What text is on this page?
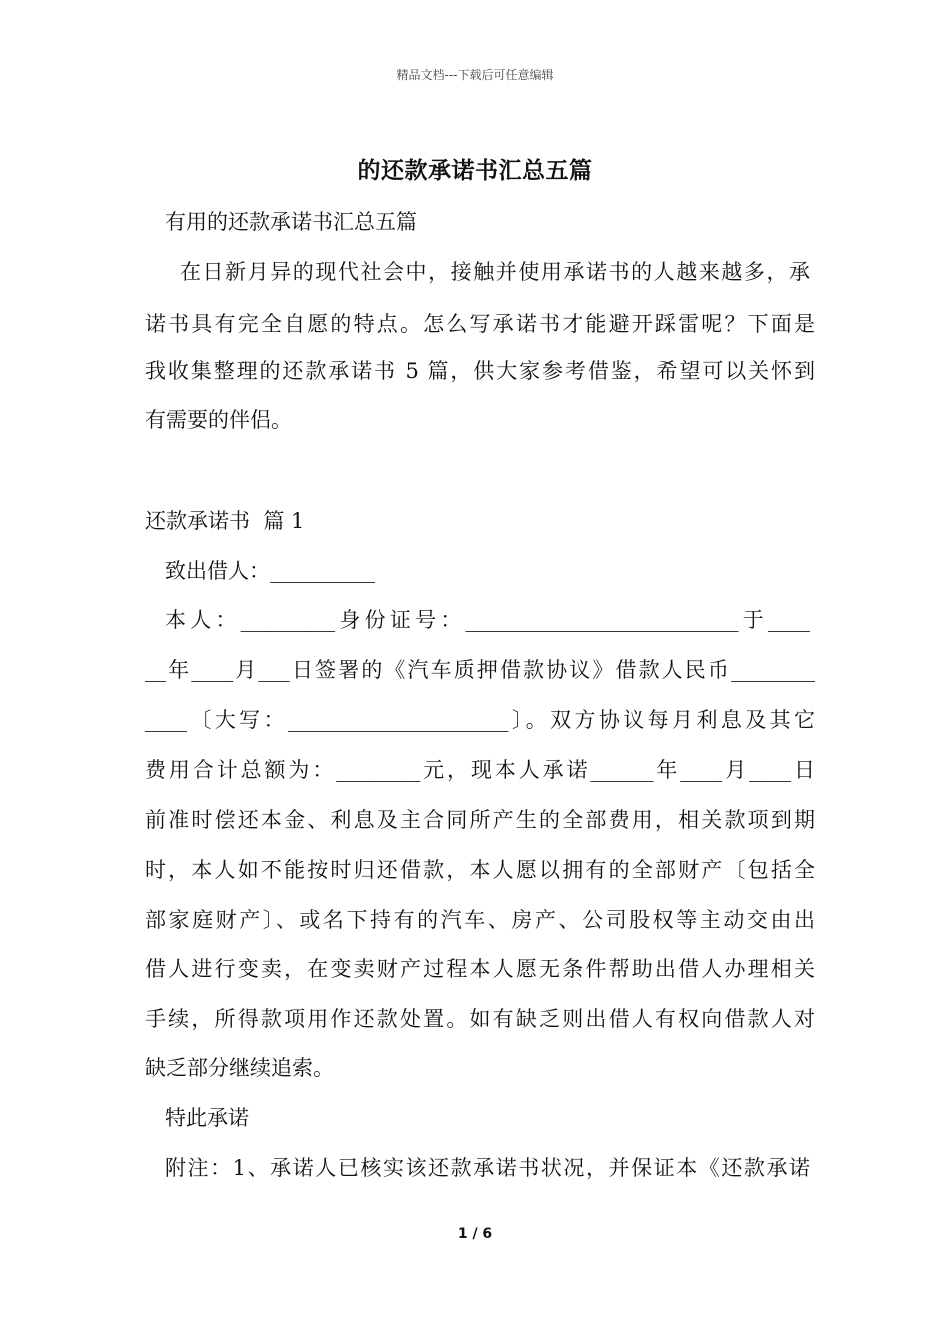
精品文档---下载后可任意编辑
的还款承诺书汇总五篇
有用的还款承诺书汇总五篇
在日新月异的现代社会中，接触并使用承诺书的人越来越多，承
诺书具有完全自愿的特点。怎么写承诺书才能避开踩雷呢？下面是
我收集整理的还款承诺书 5 篇，供大家参考借鉴，希望可以关怀到
有需要的伴侣。
还款承诺书  篇 1
致出借人：__________
本人：_________身份证号：__________________________于____
__年____月___日签署的《汽车质押借款协议》借款人民币________
____〔大写：_____________________〕。双方协议每月利息及其它
费用合计总额为：________元，现本人承诺______年____月____日
前准时偿还本金、利息及主合同所产生的全部费用，相关款项到期
时，本人如不能按时归还借款，本人愿以拥有的全部财产〔包括全
部家庭财产〕、或名下持有的汽车、房产、公司股权等主动交由出
借人进行变卖，在变卖财产过程本人愿无条件帮助出借人办理相关
手续，所得款项用作还款处置。如有缺乏则出借人有权向借款人对
缺乏部分继续追索。
特此承诺
附注：1、承诺人已核实该还款承诺书状况，并保证本《还款承诺
1 / 6
